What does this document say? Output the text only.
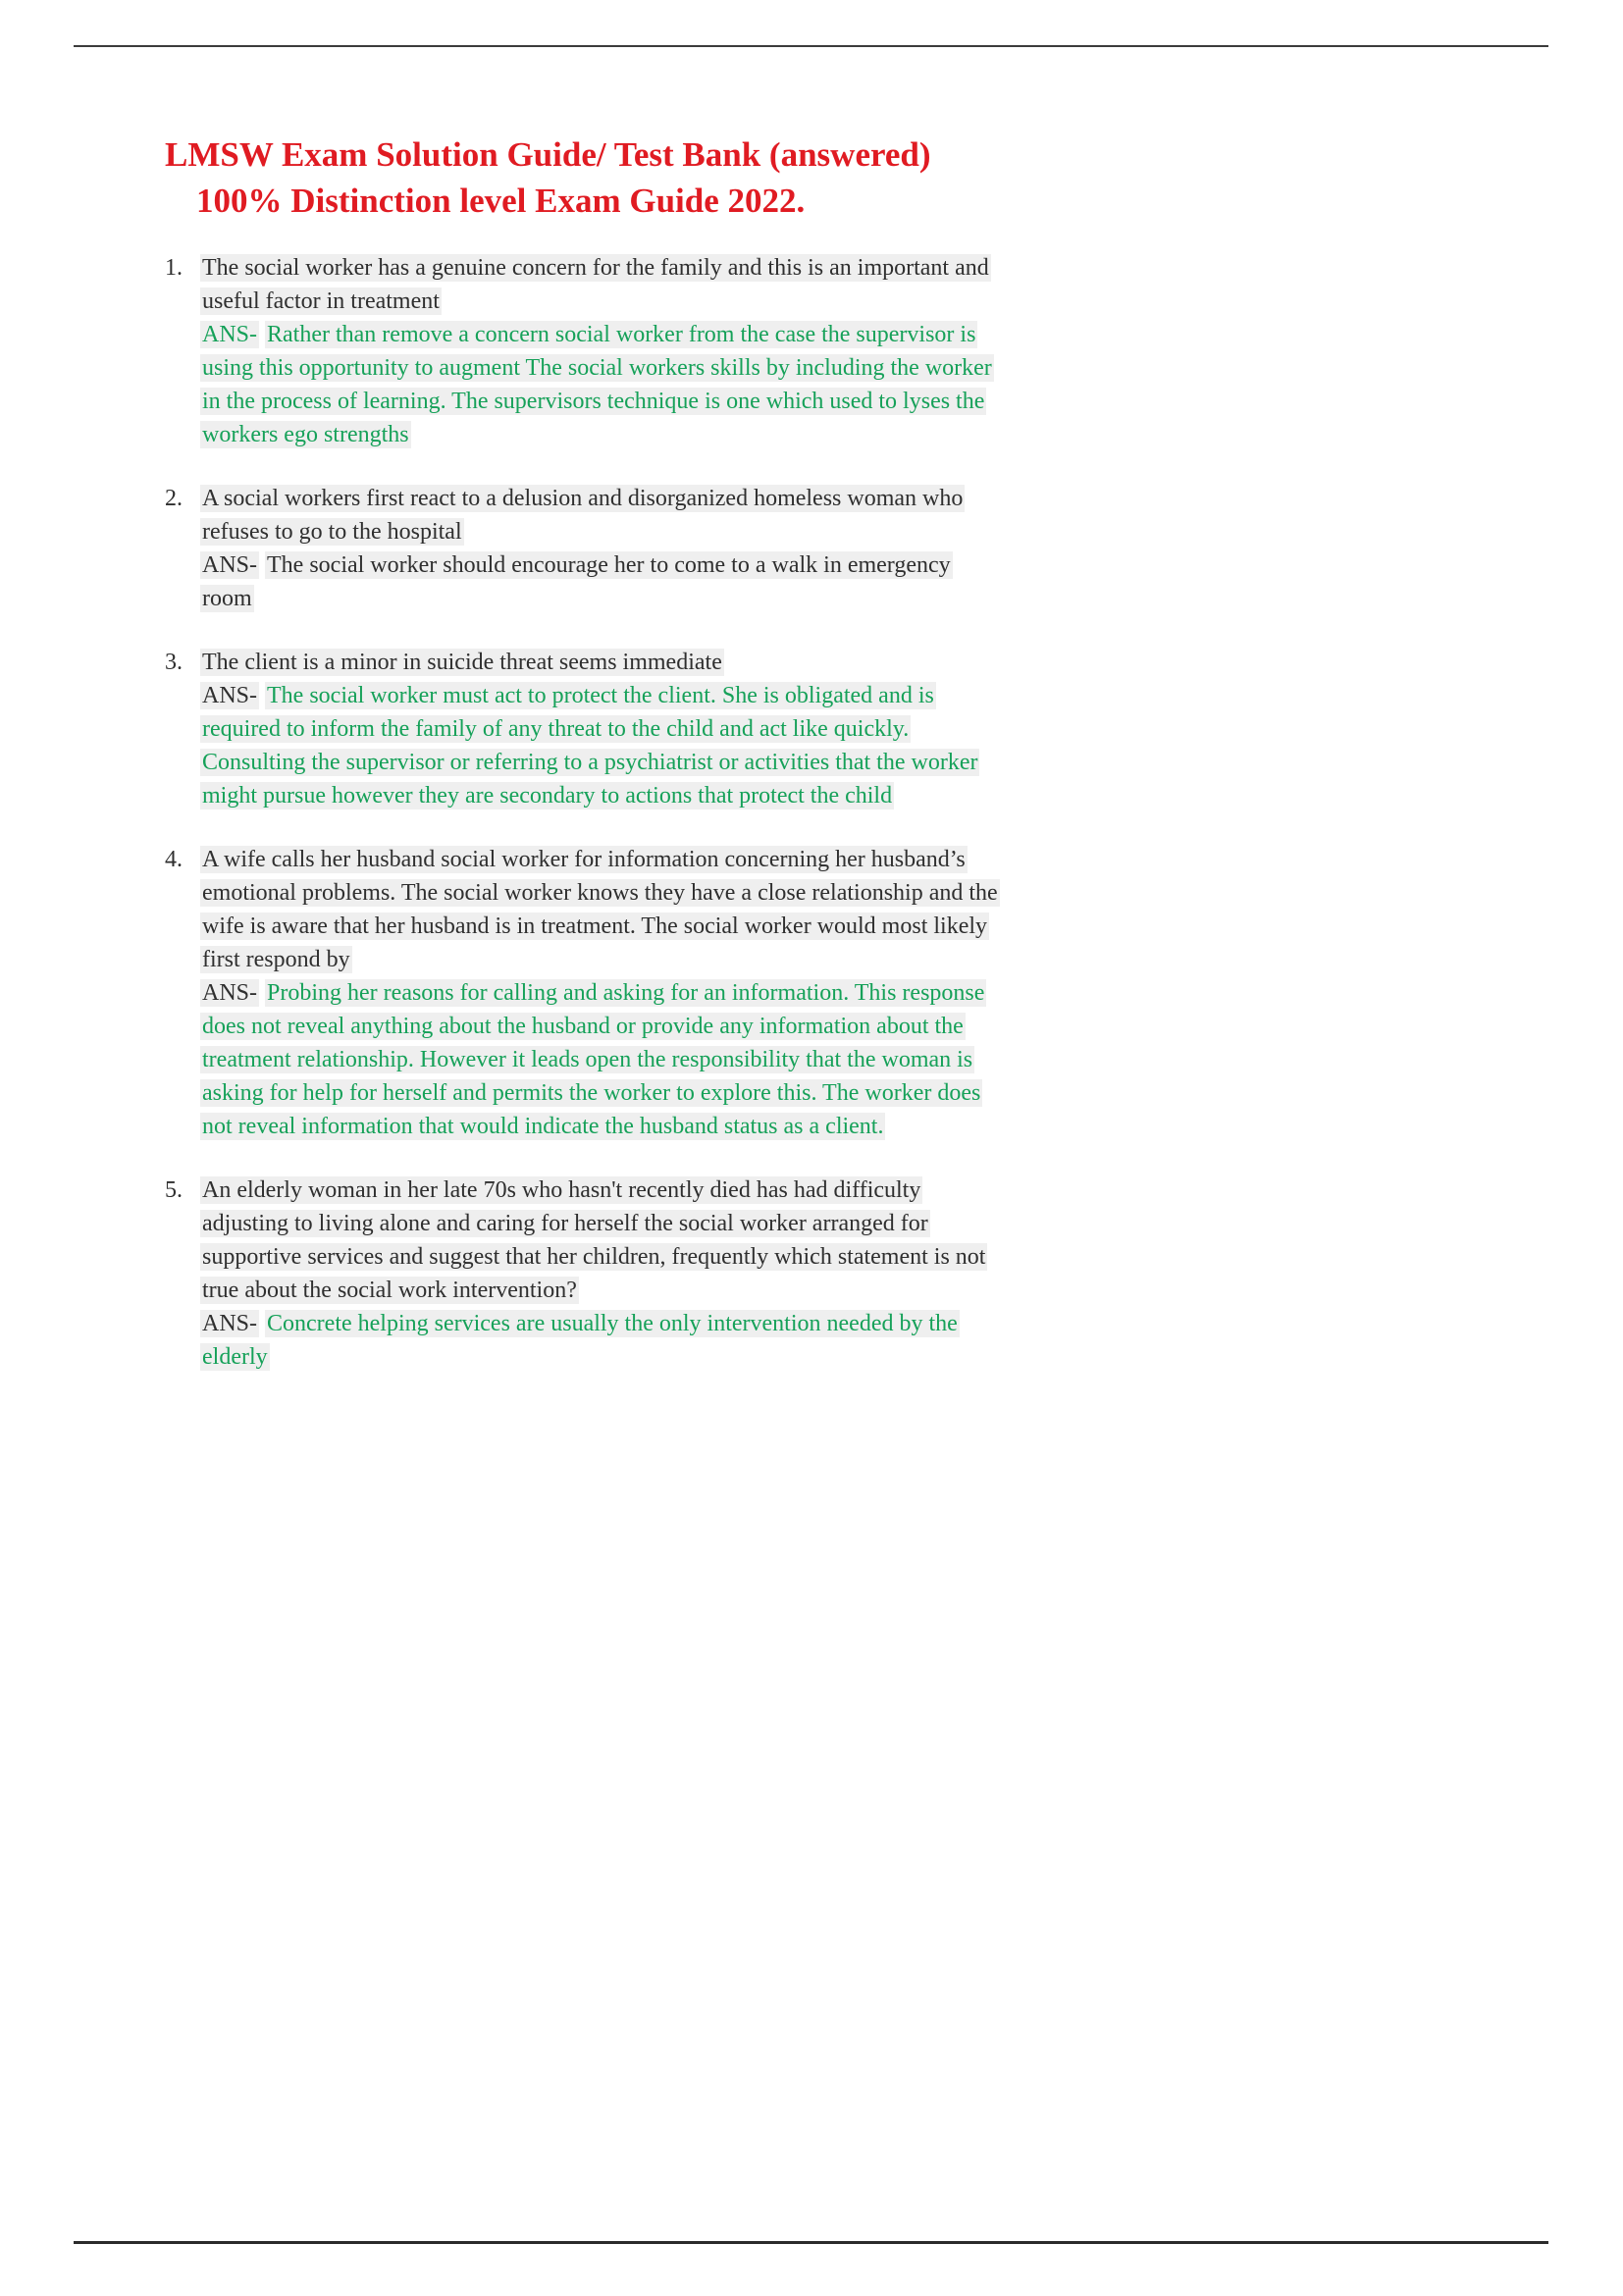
LMSW Exam Solution Guide/ Test Bank (answered)
100% Distinction level Exam Guide 2022.
1. The social worker has a genuine concern for the family and this is an important and useful factor in treatment
ANS- Rather than remove a concern social worker from the case the supervisor is using this opportunity to augment The social workers skills by including the worker in the process of learning. The supervisors technique is one which used to lyses the workers ego strengths
2. A social workers first react to a delusion and disorganized homeless woman who refuses to go to the hospital
ANS- The social worker should encourage her to come to a walk in emergency room
3. The client is a minor in suicide threat seems immediate
ANS- The social worker must act to protect the client. She is obligated and is required to inform the family of any threat to the child and act like quickly. Consulting the supervisor or referring to a psychiatrist or activities that the worker might pursue however they are secondary to actions that protect the child
4. A wife calls her husband social worker for information concerning her husband’s emotional problems. The social worker knows they have a close relationship and the wife is aware that her husband is in treatment. The social worker would most likely first respond by
ANS- Probing her reasons for calling and asking for an information. This response does not reveal anything about the husband or provide any information about the treatment relationship. However it leads open the responsibility that the woman is asking for help for herself and permits the worker to explore this. The worker does not reveal information that would indicate the husband status as a client.
5. An elderly woman in her late 70s who hasn't recently died has had difficulty adjusting to living alone and caring for herself the social worker arranged for supportive services and suggest that her children, frequently which statement is not true about the social work intervention?
ANS- Concrete helping services are usually the only intervention needed by the elderly
